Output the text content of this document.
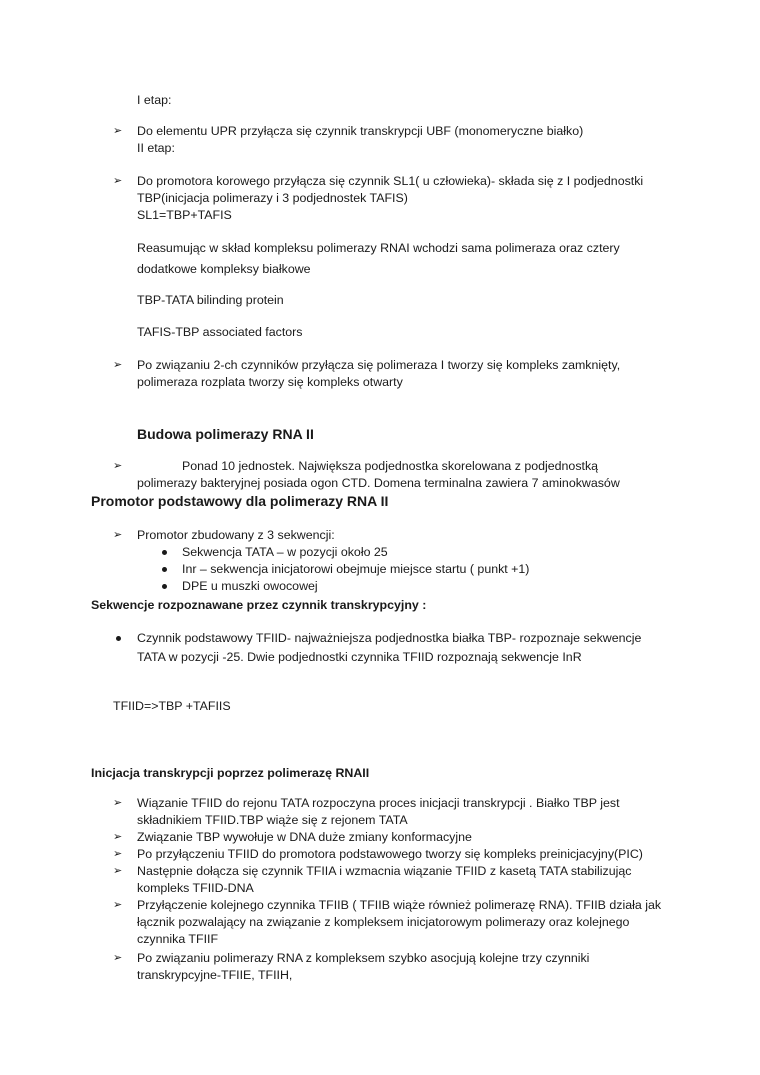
I etap:
➢ Do elementu UPR przyłącza się czynnik transkrypcji UBF (monomeryczne białko)
II etap:
➢ Do promotora korowego przyłącza się czynnik SL1( u człowieka)- składa się z I podjednostki
TBP(inicjacja polimerazy i 3 podjednostek TAFIS)
SL1=TBP+TAFIS
Reasumując w skład kompleksu polimerazy RNAI wchodzi sama polimeraza oraz cztery
dodatkowe kompleksy białkowe
TBP-TATA bilinding protein
TAFIS-TBP associated factors
➢ Po związaniu 2-ch czynników przyłącza się polimeraza I tworzy się kompleks zamknięty,
polimeraza rozplata tworzy się kompleks otwarty
Budowa polimerazy RNA II
➢	Ponad 10 jednostek. Największa podjednostka skorelowana z podjednostką
polimerazy bakteryjnej posiada ogon CTD. Domena terminalna zawiera 7 aminokwasów
Promotor podstawowy dla polimerazy RNA II
➢ Promotor zbudowany z 3 sekwencji:
Sekwencja TATA – w pozycji około 25
Inr – sekwencja inicjatorowi obejmuje miejsce startu ( punkt +1)
DPE u muszki owocowej
Sekwencje rozpoznawane przez czynnik transkrypcyjny :
Czynnik podstawowy TFIID- najważniejsza podjednostka białka TBP- rozpoznaje sekwencje
TATA w pozycji -25. Dwie podjednostki czynnika TFIID rozpoznają sekwencje InR
TFIID=>TBP +TAFIIS
Inicjacja transkrypcji poprzez polimerazę RNAII
➢ Wiązanie TFIID do rejonu TATA rozpoczyna proces inicjacji transkrypcji . Białko TBP jest
składnikiem TFIID.TBP wiąże się z rejonem TATA
➢ Związanie TBP wywołuje w DNA duże zmiany konformacyjne
➢ Po przyłączeniu TFIID do promotora podstawowego tworzy się kompleks preinicjacyjny(PIC)
➢ Następnie dołącza się czynnik TFIIA i wzmacnia wiązanie TFIID z kasetą TATA stabilizując
kompleks TFIID-DNA
➢ Przyłączenie kolejnego czynnika TFIIB ( TFIIB wiąże również polimerazę RNA). TFIIB działa jak
łącznik pozwalający na związanie z kompleksem inicjatorowym polimerazy oraz kolejnego
czynnika TFIIF
➢ Po związaniu polimerazy RNA z kompleksem szybko asocjują kolejne trzy czynniki
transkrypcyjne-TFIIE, TFIIH,
